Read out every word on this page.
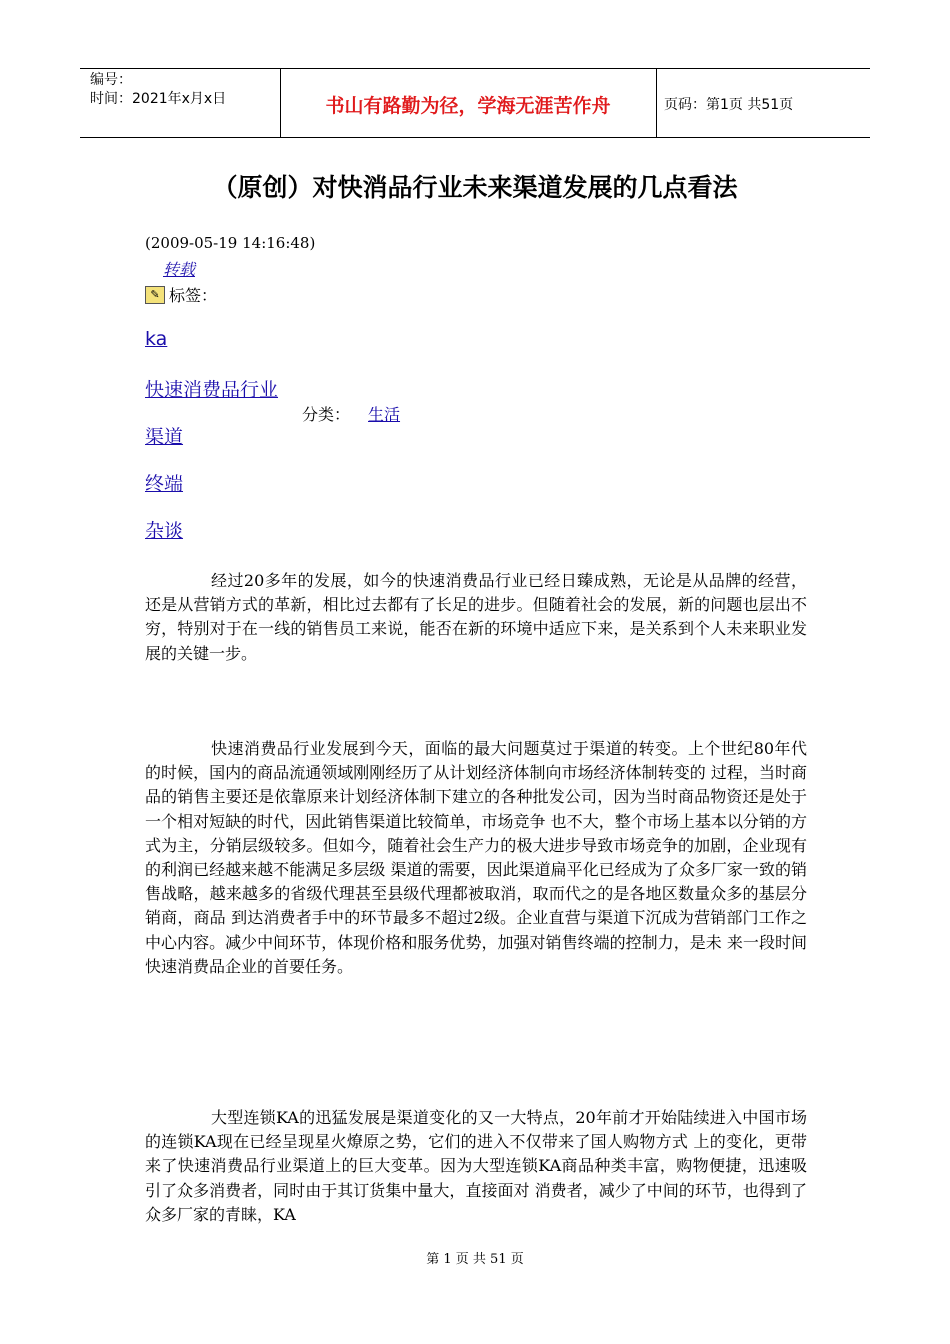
编号：
时间：2021年x月x日	书山有路勤为径，学海无涯苦作舟	页码：第1页 共51页
（原创）对快消品行业未来渠道发展的几点看法
(2009-05-19 14:16:48)
转载
✎ 标签：
ka
快速消费品行业
渠道
终端
杂谈
分类： 生活

经过20多年的发展，如今的快速消费品行业已经日臻成熟，无论是从品牌的经营，还是从营销方式的革新，相比过去都有了长足的进步。但随着社会的发展，新的问题也层出不穷，特别对于在一线的销售员工来说，能否在新的环境中适应下来，是关系到个人未来职业发展的关键一步。

快速消费品行业发展到今天，面临的最大问题莫过于渠道的转变。上个世纪80年代的时候，国内的商品流通领域刚刚经历了从计划经济体制向市场经济体制转变的 过程，当时商品的销售主要还是依靠原来计划经济体制下建立的各种批发公司，因为当时商品物资还是处于一个相对短缺的时代，因此销售渠道比较简单，市场竞争 也不大，整个市场上基本以分销的方式为主，分销层级较多。但如今，随着社会生产力的极大进步导致市场竞争的加剧，企业现有的利润已经越来越不能满足多层级 渠道的需要，因此渠道扁平化已经成为了众多厂家一致的销售战略，越来越多的省级代理甚至县级代理都被取消，取而代之的是各地区数量众多的基层分销商，商品 到达消费者手中的环节最多不超过2级。企业直营与渠道下沉成为营销部门工作之中心内容。减少中间环节，体现价格和服务优势，加强对销售终端的控制力，是未 来一段时间快速消费品企业的首要任务。

大型连锁KA的迅猛发展是渠道变化的又一大特点，20年前才开始陆续进入中国市场的连锁KA现在已经呈现星火燎原之势，它们的进入不仅带来了国人购物方式 上的变化，更带来了快速消费品行业渠道上的巨大变革。因为大型连锁KA商品种类丰富，购物便捷，迅速吸引了众多消费者，同时由于其订货集中量大，直接面对 消费者，减少了中间的环节，也得到了众多厂家的青睐，KA

第 1 页 共 51 页
